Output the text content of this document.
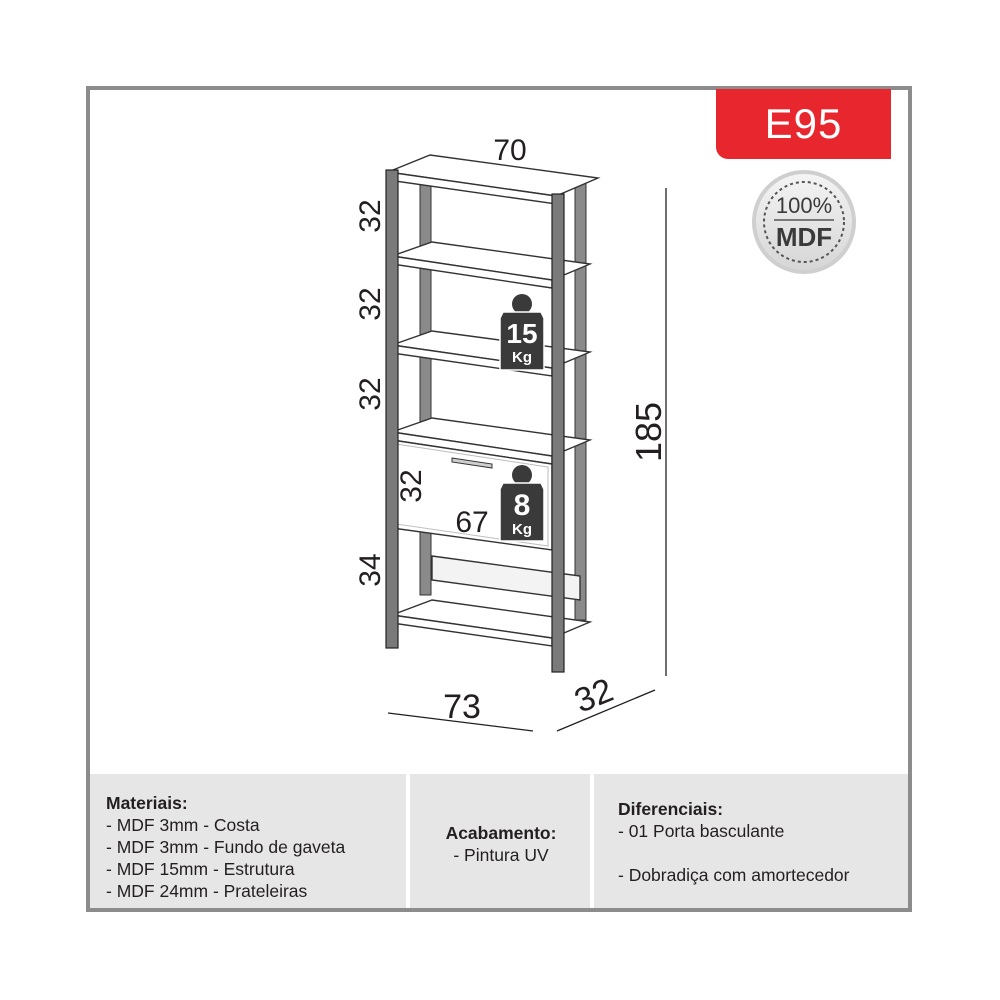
15
Kg
8
Kg
70
73	32
185
67
32
32
32
32
34
100%
MDF
E95
Materiais:
- MDF 3mm - Costa
- MDF 3mm - Fundo de gaveta
- MDF 15mm - Estrutura
- MDF 24mm - Prateleiras
Acabamento:
- Pintura UV
Diferenciais:
- 01 Porta basculante
- Dobradiça com amortecedor
